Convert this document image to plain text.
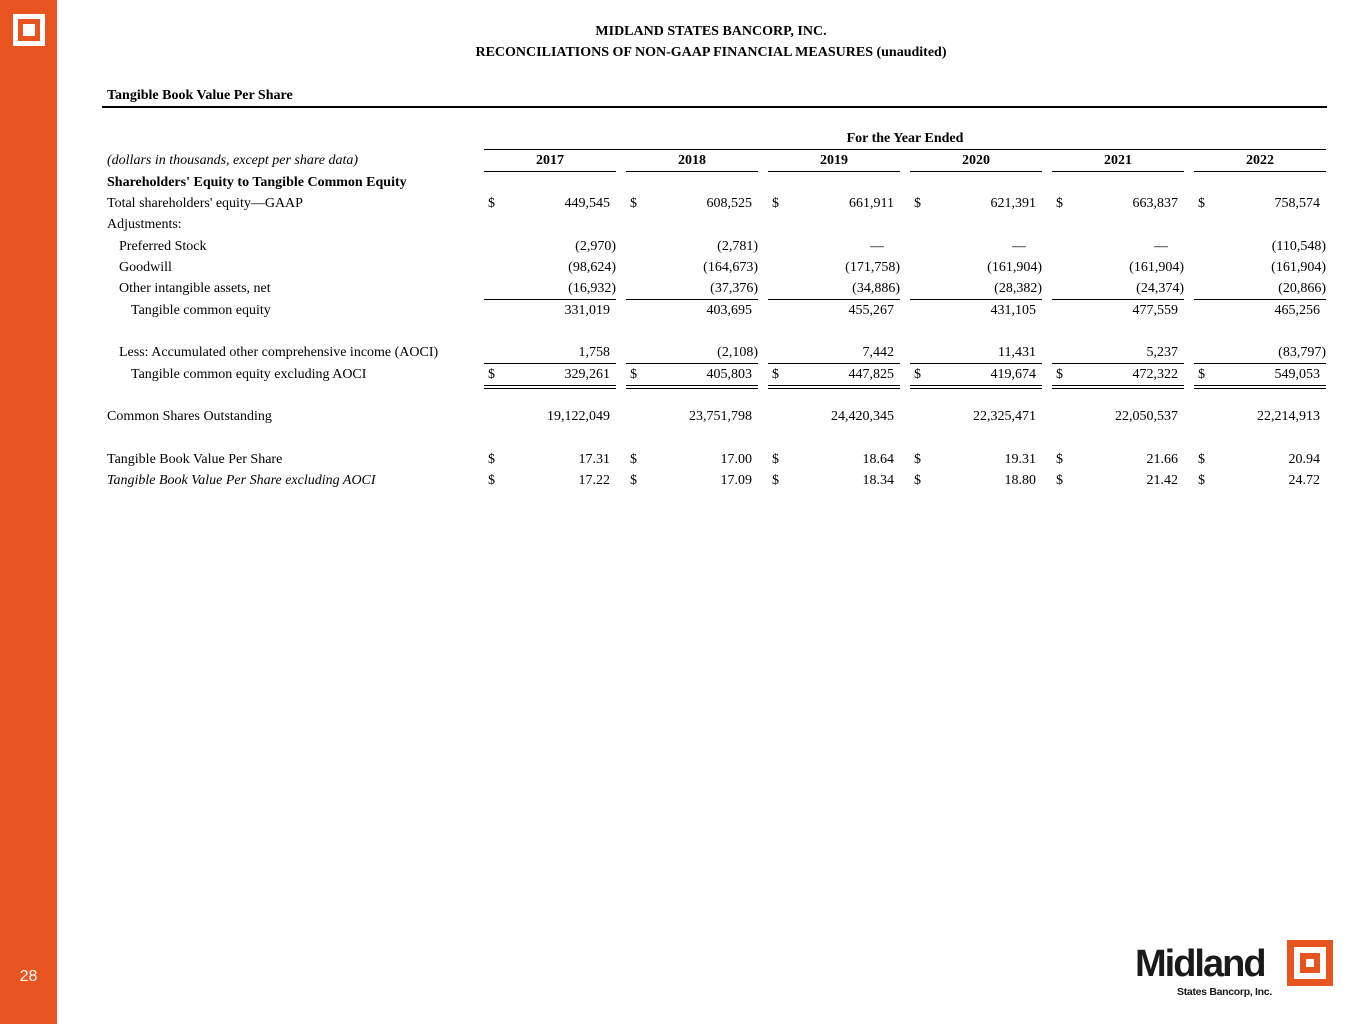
28
MIDLAND STATES BANCORP, INC.
RECONCILIATIONS OF NON-GAAP FINANCIAL MEASURES (unaudited)
Tangible Book Value Per Share
For the Year Ended
(dollars in thousands, except per share data)	2017	2018	2019	2020	2021	2022
Shareholders' Equity to Tangible Common Equity
Adjustments:
Total shareholders' equity—GAAP	$	449,545 $	608,525 $	661,911 $	621,391 $	663,837 $	758,574
Preferred Stock	(2,970)	(2,781)	—	—	—	(110,548)
Goodwill	(98,624)	(164,673)	(171,758)	(161,904)	(161,904)	(161,904)
Other intangible assets, net	(16,932)	(37,376)	(34,886)	(28,382)	(24,374)	(20,866)
Tangible common equity	331,019	403,695	455,267	431,105	477,559	465,256
Less: Accumulated other comprehensive income (AOCI)	1,758	(2,108)	7,442	11,431	5,237	(83,797)
Tangible common equity excluding AOCI	$	329,261 $	405,803 $	447,825 $	419,674 $	472,322 $	549,053
Common Shares Outstanding	19,122,049	23,751,798	24,420,345	22,325,471	22,050,537	22,214,913
Tangible Book Value Per Share	$	17.31 $	17.00 $	18.64 $	19.31 $	21.66 $	20.94
Tangible Book Value Per Share excluding AOCI	$	17.22 $	17.09 $	18.34 $	18.80 $	21.42 $	24.72
Midland
States Bancorp, Inc.
